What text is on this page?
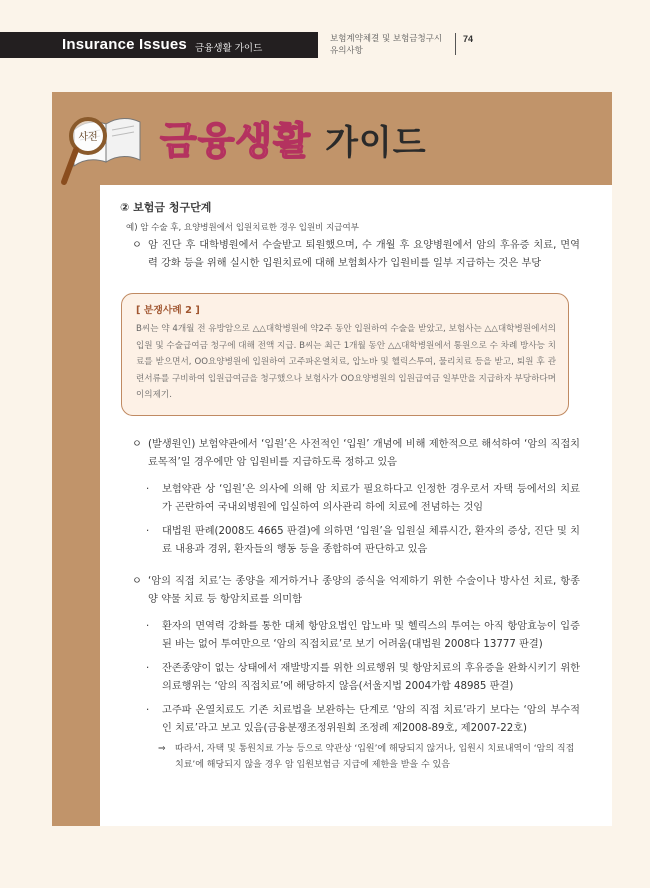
Insurance Issues 금융생활 가이드
보험계약체결 및 보험금청구시
유의사항
74
사전 금융생활 가이드
② 보험금 청구단계
예) 암 수술 후, 요양병원에서 입원치료한 경우 입원비 지급여부
ㅇ 암 진단 후 대학병원에서 수술받고 퇴원했으며, 수 개월 후 요양병원에서 암의 후유증 치료, 면역력 강화 등을 위해 실시한 입원치료에 대해 보험회사가 입원비를 일부 지급하는 것은 부당
[ 분쟁사례 2 ]
B씨는 약 4개월 전 유방암으로 △△대학병원에 약2주 동안 입원하여 수술을 받았고, 보험사는 △△대학병원에서의 입원 및 수술급여금 청구에 대해 전액 지급. B씨는 최근 1개월 동안 △△대학병원에서 통원으로 수 차례 방사능 치료를 받으면서, OO요양병원에 입원하여 고주파온열치료, 압노바 및 헬릭스투여, 물리치료 등을 받고, 퇴원 후 관련서류를 구비하여 입원급여금을 청구했으나 보험사가 OO요양병원의 입원급여금 일부만을 지급하자 부당하다며 이의제기.
ㅇ (발생원인) 보험약관에서 ‘입원’은 사전적인 ‘입원’ 개념에 비해 제한적으로 해석하여 ‘암의 직접치료목적’일 경우에만 암 입원비를 지급하도록 정하고 있음
· 보험약관 상 ‘입원’은 의사에 의해 암 치료가 필요하다고 인정한 경우로서 자택 등에서의 치료가 곤란하여 국내외병원에 입실하여 의사관리 하에 치료에 전념하는 것임
· 대법원 판례(2008도 4665 판결)에 의하면 ‘입원’을 입원실 체류시간, 환자의 증상, 진단 및 치료 내용과 경위, 환자들의 행동 등을 종합하여 판단하고 있음
ㅇ ‘암의 직접 치료’는 종양을 제거하거나 종양의 증식을 억제하기 위한 수술이나 방사선 치료, 항종양 약물 치료 등 항암치료를 의미함
· 환자의 면역력 강화를 통한 대체 항암요법인 압노바 및 헬릭스의 투여는 아직 항암효능이 입증된 바는 없어 투여만으로 ‘암의 직접치료’로 보기 어려움(대법원 2008다 13777 판결)
· 잔존종양이 없는 상태에서 재발방지를 위한 의료행위 및 항암치료의 후유증을 완화시키기 위한 의료행위는 ‘암의 직접치료’에 해당하지 않음(서울지법 2004가합 48985 판결)
· 고주파 온열치료도 기존 치료법을 보완하는 단계로 ‘암의 직접 치료’라기 보다는 ‘암의 부수적인 치료’라고 보고 있음(금융분쟁조정위원회 조정례 제2008-89호, 제2007-22호)
⇒ 따라서, 자택 및 통원치료 가능 등으로 약관상 ‘입원’에 해당되지 않거나, 입원시 치료내역이 ‘암의 직접치료’에 해당되지 않을 경우 암 입원보험금 지급에 제한을 받을 수 있음
